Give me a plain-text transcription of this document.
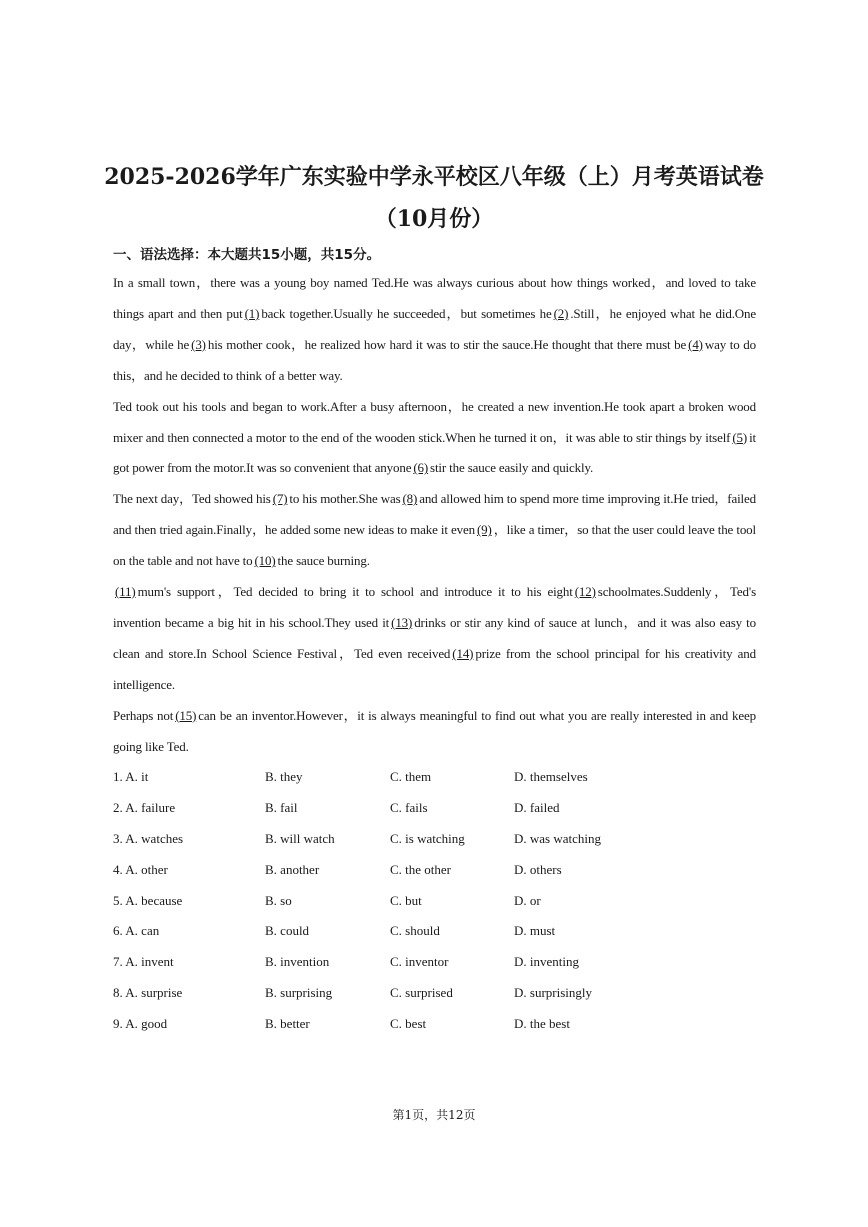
2025-2026学年广东实验中学永平校区八年级（上）月考英语试卷（10月份）
一、语法选择：本大题共15小题，共15分。

In a small town，there was a young boy named Ted.He was always curious about how things worked，and loved to take things apart and then put (1) back together.Usually he succeeded，but sometimes he (2) .Still，he enjoyed what he did.One day，while he (3) his mother cook，he realized how hard it was to stir the sauce.He thought that there must be (4) way to do this，and he decided to think of a better way.

Ted took out his tools and began to work.After a busy afternoon，he created a new invention.He took apart a broken wood mixer and then connected a motor to the end of the wooden stick.When he turned it on，it was able to stir things by itself (5) it got power from the motor.It was so convenient that anyone (6) stir the sauce easily and quickly.

The next day，Ted showed his (7) to his mother.She was (8) and allowed him to spend more time improving it.He tried，failed and then tried again.Finally，he added some new ideas to make it even (9) ，like a timer，so that the user could leave the tool on the table and not have to (10) the sauce burning.

(11) mum's support，Ted decided to bring it to school and introduce it to his eight (12) schoolmates.Suddenly，Ted's invention became a big hit in his school.They used it (13) drinks or stir any kind of sauce at lunch，and it was also easy to clean and store.In School Science Festival，Ted even received (14) prize from the school principal for his creativity and intelligence.

Perhaps not (15) can be an inventor.However，it is always meaningful to find out what you are really interested in and keep going like Ted.

1. A. it	B. they	C. them	D. themselves
2. A. failure	B. fail	C. fails	D. failed
3. A. watches	B. will watch	C. is watching	D. was watching
4. A. other	B. another	C. the other	D. others
5. A. because	B. so	C. but	D. or
6. A. can	B. could	C. should	D. must
7. A. invent	B. invention	C. inventor	D. inventing
8. A. surprise	B. surprising	C. surprised	D. surprisingly
9. A. good	B. better	C. best	D. the best
第1页，共12页
